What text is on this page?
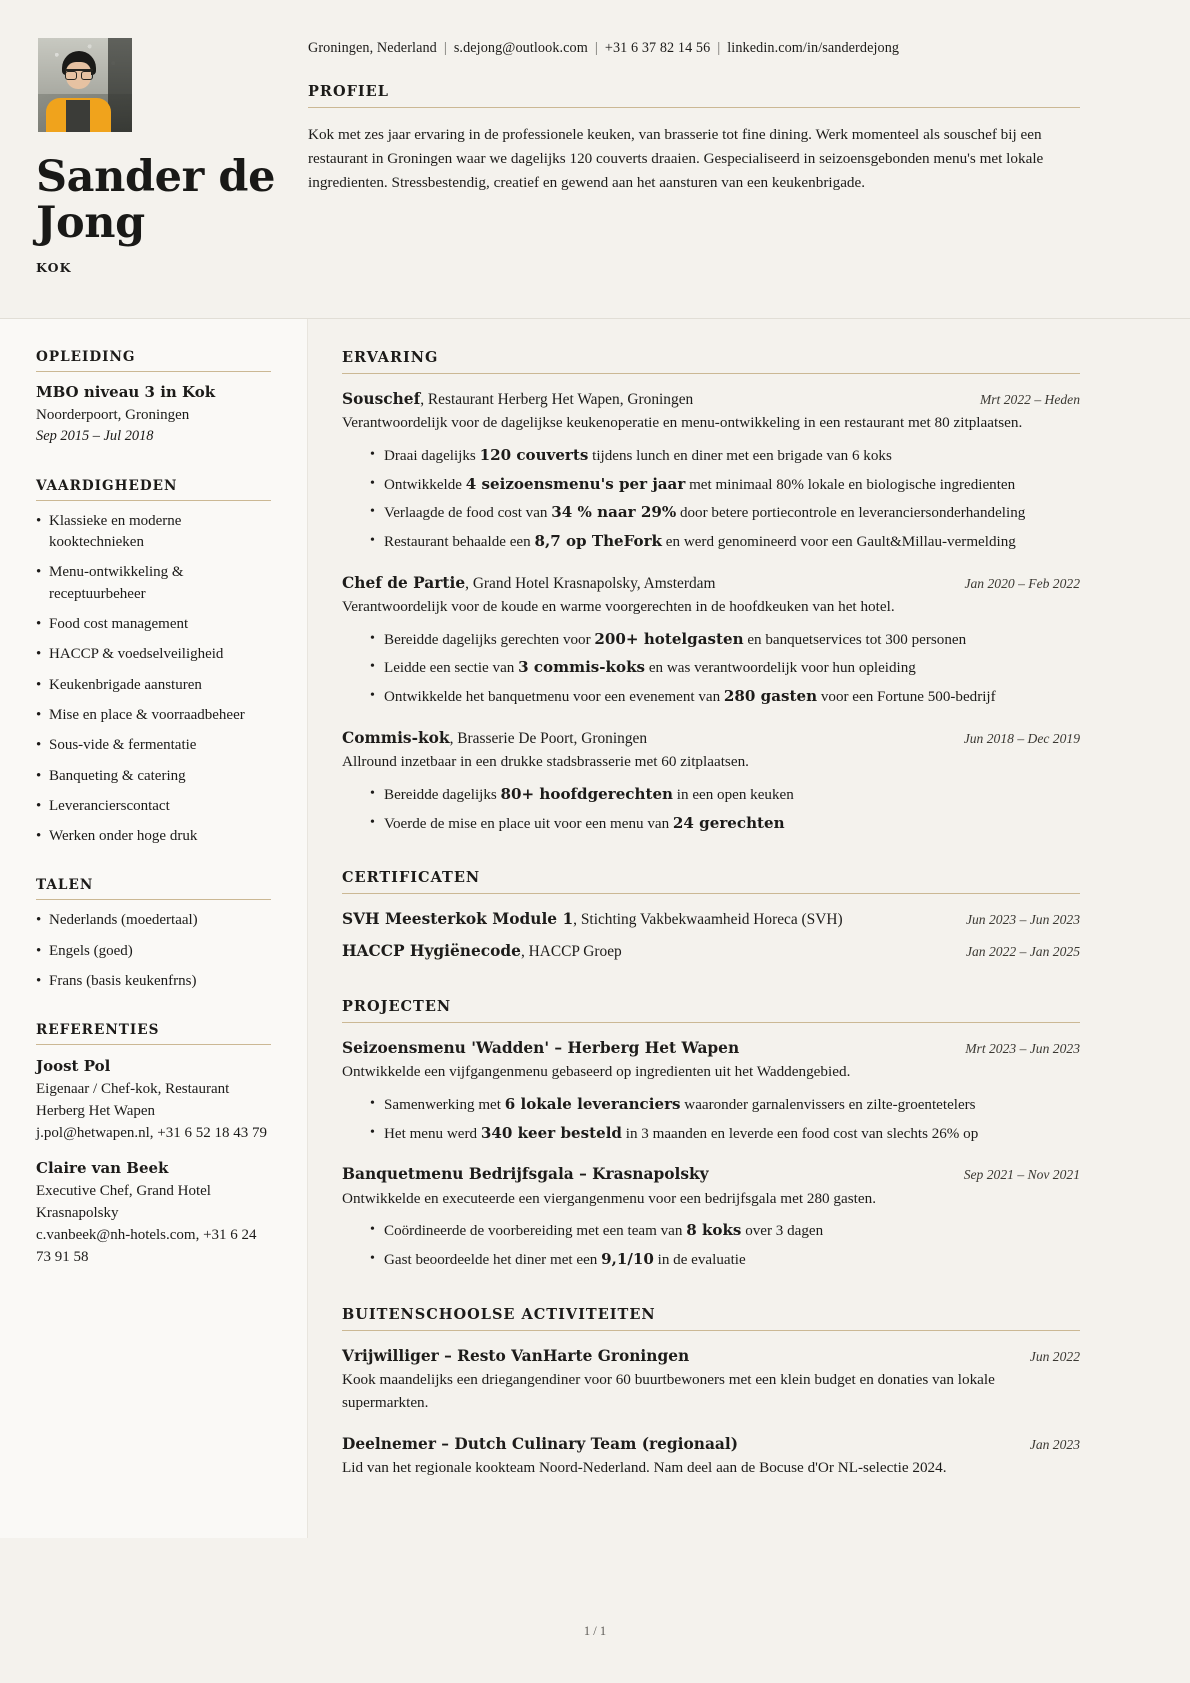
Sander de Jong
KOK
Groningen, Nederland | s.dejong@outlook.com | +31 6 37 82 14 56 | linkedin.com/in/sanderdejong
PROFIEL

Kok met zes jaar ervaring in de professionele keuken, van brasserie tot fine dining. Werk momenteel als souschef bij een restaurant in Groningen waar we dagelijks 120 couverts draaien. Gespecialiseerd in seizoensgebonden menu's met lokale ingredienten. Stressbestendig, creatief en gewend aan het aansturen van een keukenbrigade.

OPLEIDING
MBO niveau 3 in Kok
Noorderpoort, Groningen
Sep 2015 – Jul 2018
VAARDIGHEDEN
• Klassieke en moderne kooktechnieken
• Menu-ontwikkeling & receptuurbeheer
• Food cost management
• HACCP & voedselveiligheid
• Keukenbrigade aansturen
• Mise en place & voorraadbeheer
• Sous-vide & fermentatie
• Banqueting & catering
• Leverancierscontact
• Werken onder hoge druk
TALEN
• Nederlands (moedertaal)
• Engels (goed)
• Frans (basis keukenfrns)
REFERENTIES
Joost Pol
Eigenaar / Chef-kok, Restaurant Herberg Het Wapen
j.pol@hetwapen.nl, +31 6 52 18 43 79
Claire van Beek
Executive Chef, Grand Hotel Krasnapolsky
c.vanbeek@nh-hotels.com, +31 6 24 73 91 58
ERVARING
Souschef, Restaurant Herberg Het Wapen, Groningen	Mrt 2022 – Heden
Verantwoordelijk voor de dagelijkse keukenoperatie en menu-ontwikkeling in een restaurant met 80 zitplaatsen.
• Draai dagelijks 120 couverts tijdens lunch en diner met een brigade van 6 koks
• Ontwikkelde 4 seizoensmenu's per jaar met minimaal 80% lokale en biologische ingredienten
• Verlaagde de food cost van 34 % naar 29% door betere portiecontrole en leveranciersonderhandeling
• Restaurant behaalde een 8,7 op TheFork en werd genomineerd voor een Gault&Millau-vermelding
Chef de Partie, Grand Hotel Krasnapolsky, Amsterdam	Jan 2020 – Feb 2022
Verantwoordelijk voor de koude en warme voorgerechten in de hoofdkeuken van het hotel.
• Bereidde dagelijks gerechten voor 200+ hotelgasten en banquetservices tot 300 personen
• Leidde een sectie van 3 commis-koks en was verantwoordelijk voor hun opleiding
• Ontwikkelde het banquetmenu voor een evenement van 280 gasten voor een Fortune 500-bedrijf
Commis-kok, Brasserie De Poort, Groningen	Jun 2018 – Dec 2019
Allround inzetbaar in een drukke stadsbrasserie met 60 zitplaatsen.
• Bereidde dagelijks 80+ hoofdgerechten in een open keuken
• Voerde de mise en place uit voor een menu van 24 gerechten
CERTIFICATEN
SVH Meesterkok Module 1, Stichting Vakbekwaamheid Horeca (SVH)	Jun 2023 – Jun 2023
HACCP Hygiënecode, HACCP Groep	Jan 2022 – Jan 2025
PROJECTEN
Seizoensmenu 'Wadden' – Herberg Het Wapen	Mrt 2023 – Jun 2023
Ontwikkelde een vijfgangenmenu gebaseerd op ingredienten uit het Waddengebied.
• Samenwerking met 6 lokale leveranciers waaronder garnalenvissers en zilte-groentetelers
• Het menu werd 340 keer besteld in 3 maanden en leverde een food cost van slechts 26% op
Banquetmenu Bedrijfsgala – Krasnapolsky	Sep 2021 – Nov 2021
Ontwikkelde en executeerde een viergangenmenu voor een bedrijfsgala met 280 gasten.
• Coördineerde de voorbereiding met een team van 8 koks over 3 dagen
• Gast beoordeelde het diner met een 9,1/10 in de evaluatie
BUITENSCHOOLSE ACTIVITEITEN
Vrijwilliger – Resto VanHarte Groningen	Jun 2022
Kook maandelijks een driegangendiner voor 60 buurtbewoners met een klein budget en donaties van lokale supermarkten.
Deelnemer – Dutch Culinary Team (regionaal)	Jan 2023
Lid van het regionale kookteam Noord-Nederland. Nam deel aan de Bocuse d'Or NL-selectie 2024.
1 / 1
